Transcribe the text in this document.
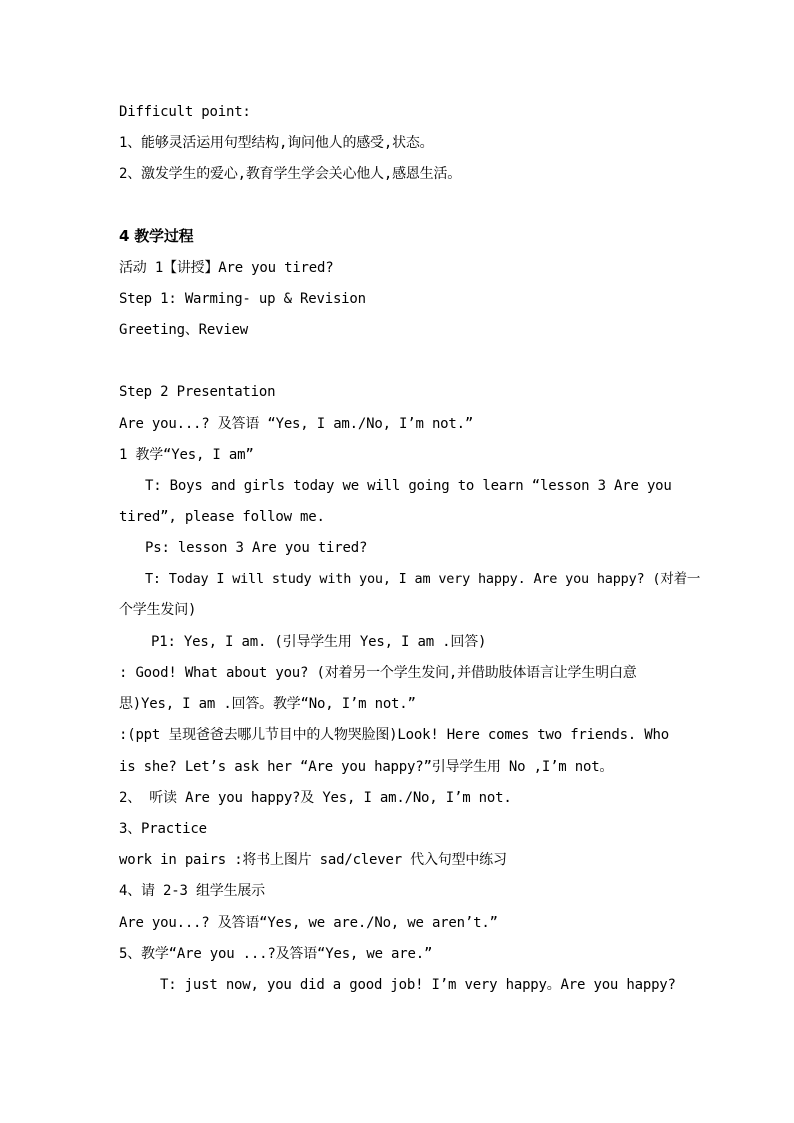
Difficult point:
1、能够灵活运用句型结构,询问他人的感受,状态。
2、激发学生的爱心,教育学生学会关心他人,感恩生活。
4 教学过程
活动 1【讲授】Are you tired?
Step 1: Warming- up & Revision
Greeting、Review
Step 2 Presentation
Are you...? 及答语 “Yes, I am./No, I’m not.”
1 教学“Yes, I am”
T: Boys and girls today we will going to learn “lesson 3 Are you
tired”, please follow me.
Ps: lesson 3 Are you tired?
T: Today I will study with you, I am very happy. Are you happy? (对着一
个学生发问)
P1: Yes, I am. (引导学生用 Yes, I am .回答)
: Good! What about you? (对着另一个学生发问,并借助肢体语言让学生明白意
思)Yes, I am .回答。教学“No, I’m not.”
:(ppt 呈现爸爸去哪儿节目中的人物哭脸图)Look! Here comes two friends. Who
is she? Let’s ask her “Are you happy?”引导学生用 No ,I’m not。
2、 听读 Are you happy?及 Yes, I am./No, I’m not.
3、Practice
work in pairs :将书上图片 sad/clever 代入句型中练习
4、请 2-3 组学生展示
Are you...? 及答语“Yes, we are./No, we aren’t.”
5、教学“Are you ...?及答语“Yes, we are.”
T: just now, you did a good job! I’m very happy。Are you happy?
